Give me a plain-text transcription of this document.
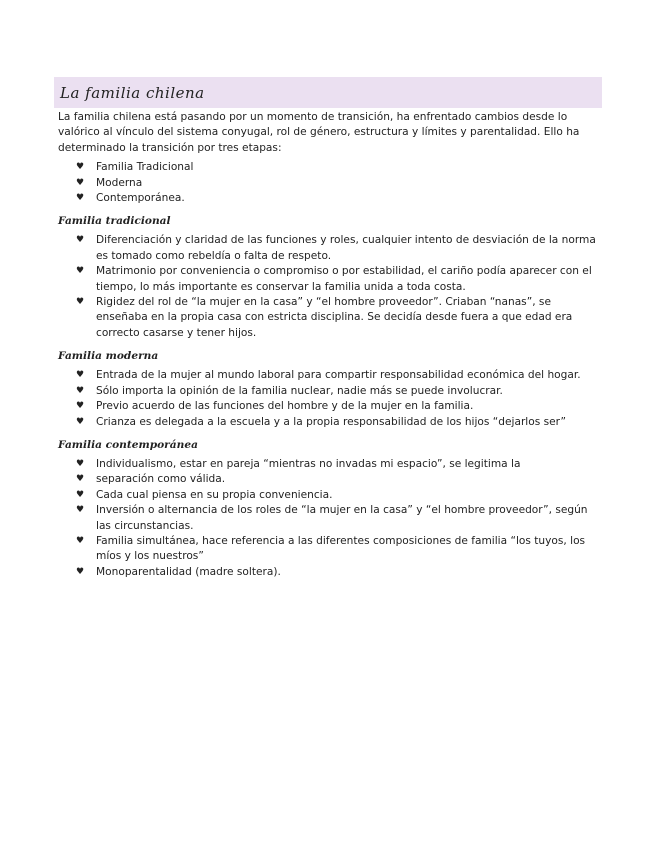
La familia chilena

La familia chilena está pasando por un momento de transición, ha enfrentado cambios desde lo valórico al vínculo del sistema conyugal, rol de género, estructura y límites y parentalidad. Ello ha determinado la transición por tres etapas:

♥ Familia Tradicional
♥ Moderna
♥ Contemporánea.
Familia tradicional
♥ Diferenciación y claridad de las funciones y roles, cualquier intento de desviación de la norma es tomado como rebeldía o falta de respeto.
♥ Matrimonio por conveniencia o compromiso o por estabilidad, el cariño podía aparecer con el tiempo, lo más importante es conservar la familia unida a toda costa.
♥ Rigidez del rol de “la mujer en la casa” y “el hombre proveedor”. Criaban “nanas”, se enseñaba en la propia casa con estricta disciplina. Se decidía desde fuera a que edad era correcto casarse y tener hijos.
Familia moderna
♥ Entrada de la mujer al mundo laboral para compartir responsabilidad económica del hogar.
♥ Sólo importa la opinión de la familia nuclear, nadie más se puede involucrar.
♥ Previo acuerdo de las funciones del hombre y de la mujer en la familia.
♥ Crianza es delegada a la escuela y a la propia responsabilidad de los hijos “dejarlos ser”
Familia contemporánea
♥ Individualismo, estar en pareja “mientras no invadas mi espacio”, se legitima la
♥ separación como válida.
♥ Cada cual piensa en su propia conveniencia.
♥ Inversión o alternancia de los roles de “la mujer en la casa” y “el hombre proveedor”, según las circunstancias.
♥ Familia simultánea, hace referencia a las diferentes composiciones de familia “los tuyos, los míos y los nuestros”
♥ Monoparentalidad (madre soltera).
